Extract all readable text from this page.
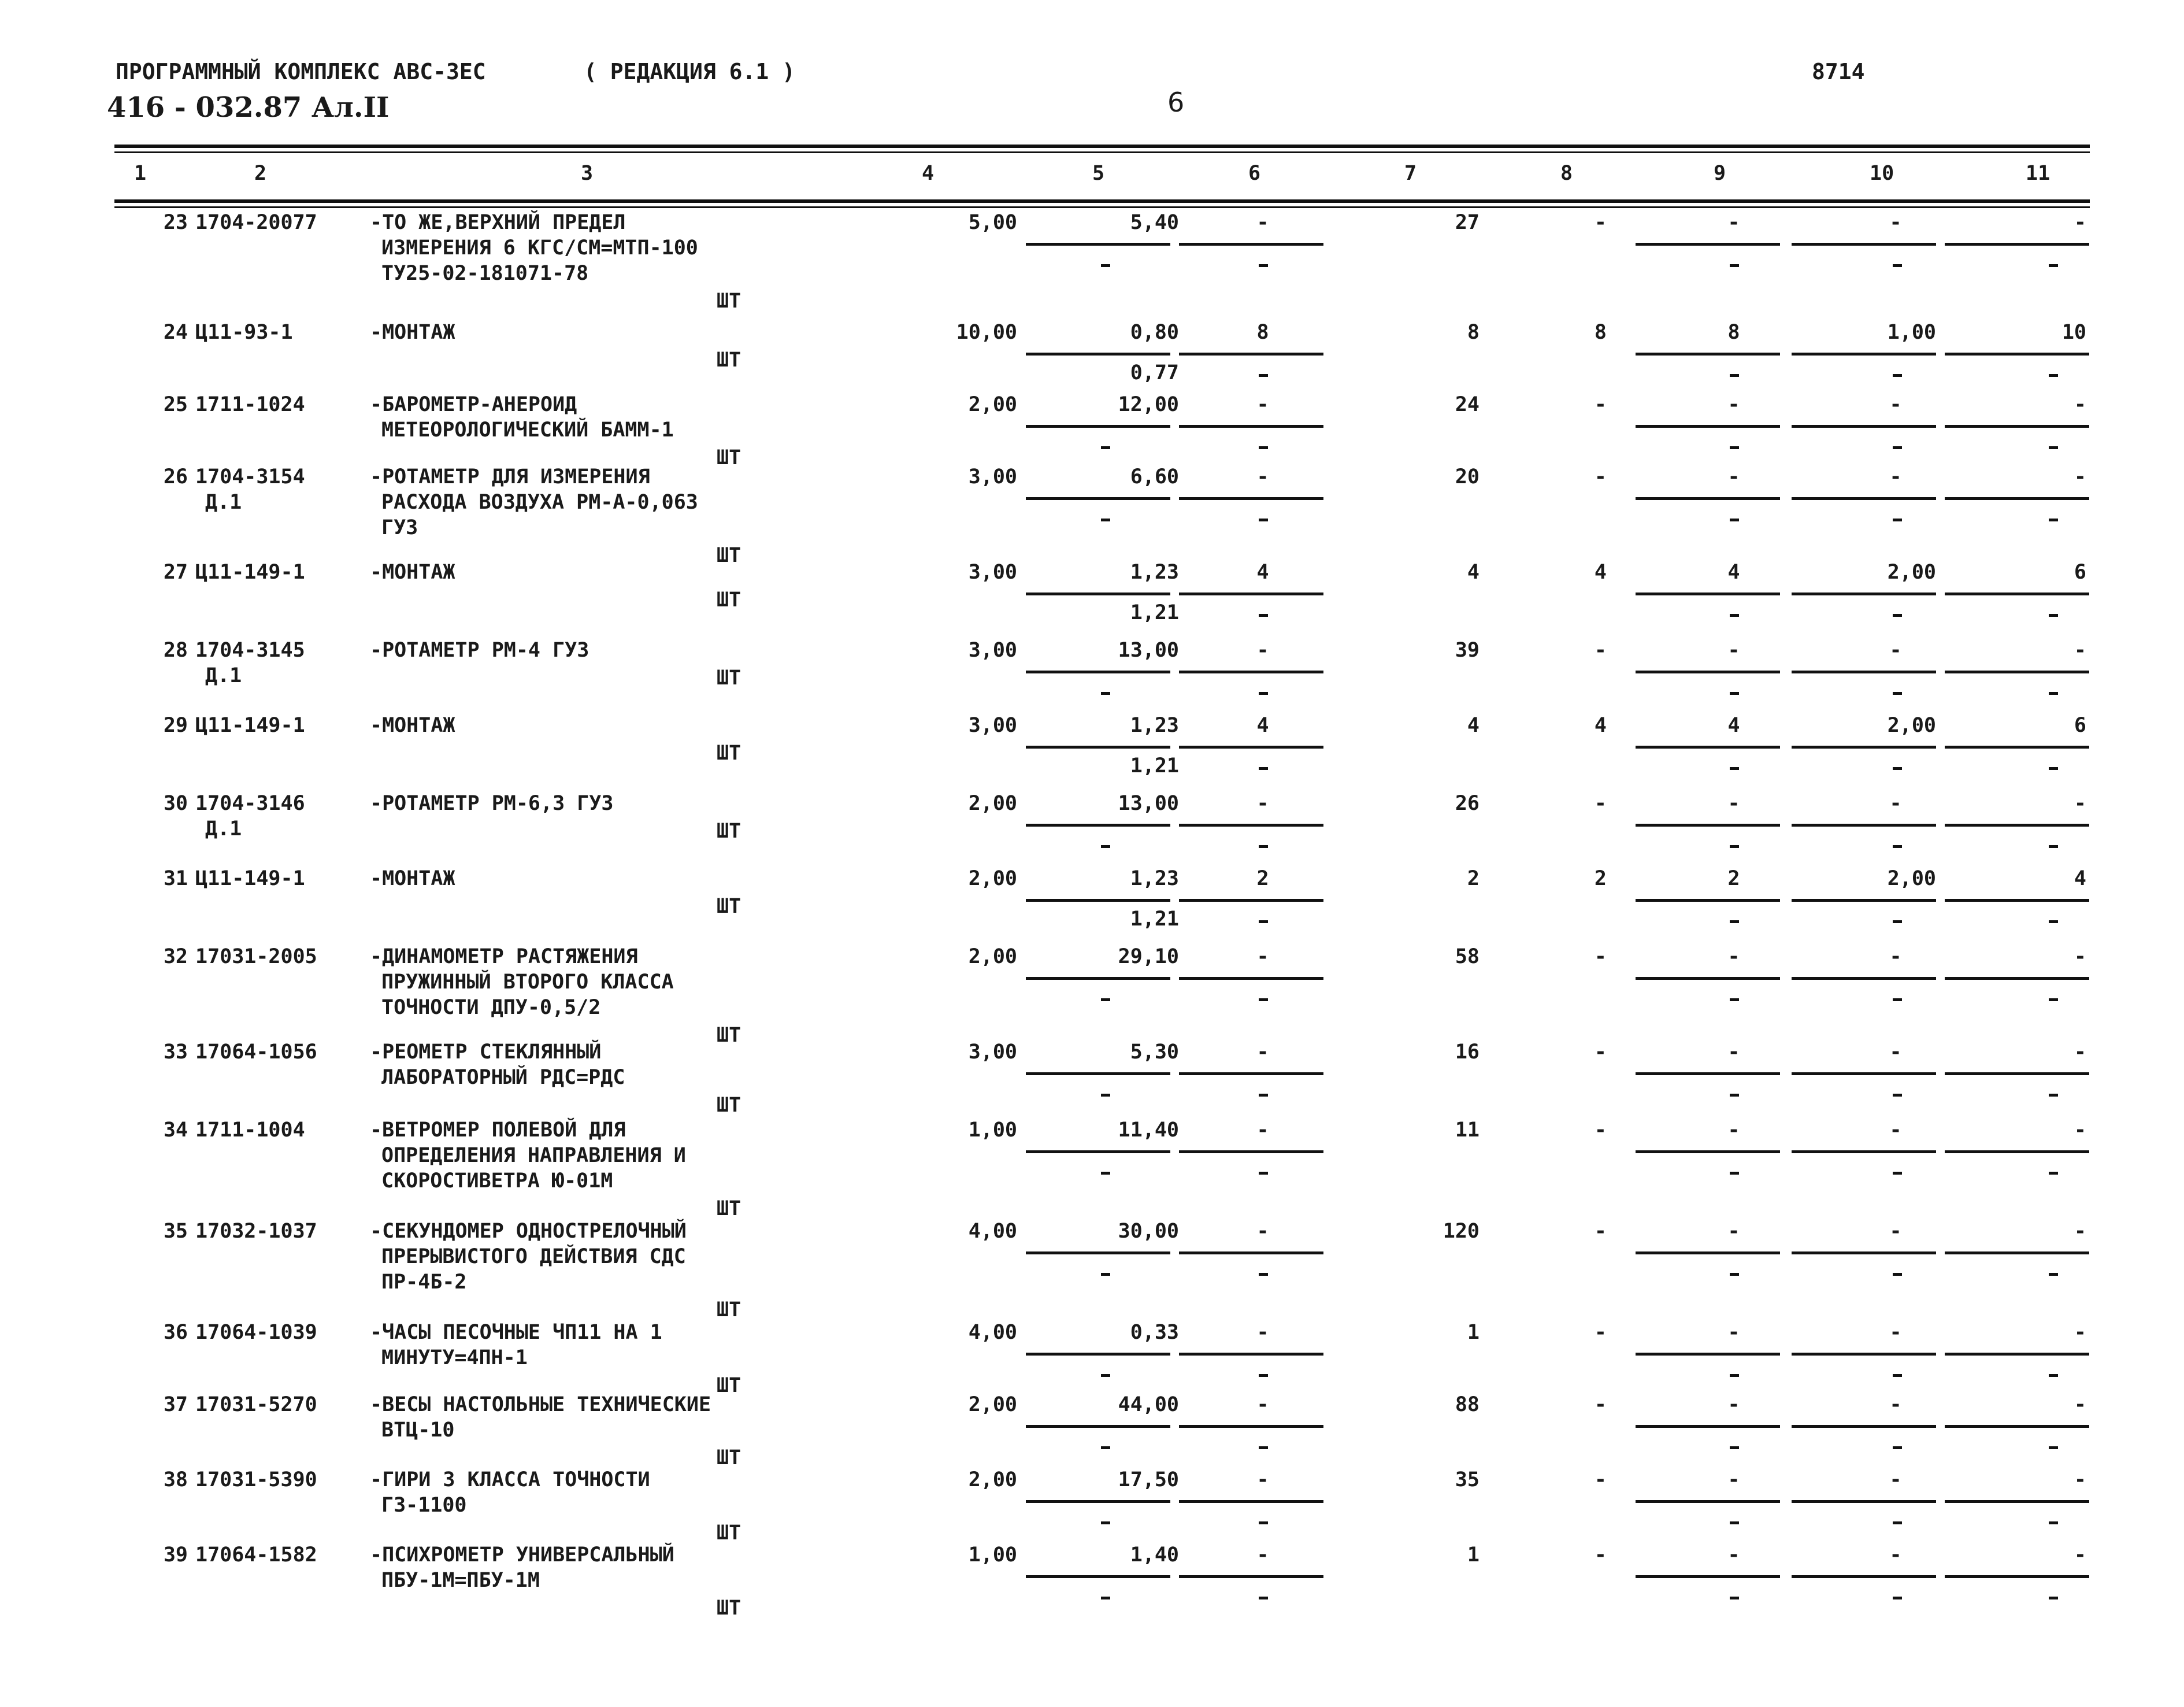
ПРОГРАММНЫЙ КОМПЛЕКС АВС-ЗЕС	( РЕДАКЦИЯ 6.1 )
416 - 032.87 Ал.II	6
8714
1	2	3	4	5	6	7	8	9	10	11
23 1704-20077	-ТО ЖЕ,ВЕРХНИЙ ПРЕДЕЛ
ИЗМЕРЕНИЯ 6 КГС/СМ=МТП-100
ТУ25-02-181071-78
ШТ
5,00	5,40	-	27	-	-	-	-
24 Ц11-93-1	-МОНТАЖ
ШТ
10,00	0,80	8	8	8	8	1,00	10
0,77
25 1711-1024	-БАРОМЕТР-АНЕРОИД
МЕТЕОРОЛОГИЧЕСКИЙ БАММ-1
ШТ
2,00	12,00	-	24	-	-	-	-
26 1704-3154
Д.1
-РОТАМЕТР ДЛЯ ИЗМЕРЕНИЯ
РАСХОДА ВОЗДУХА РМ-А-0,063
ГУЗ
ШТ
3,00	6,60	-	20	-	-	-	-
27 Ц11-149-1	-МОНТАЖ
ШТ
3,00	1,23	4	4	4	4	2,00	6
1,21
28 1704-3145
Д.1
-РОТАМЕТР РМ-4 ГУЗ
ШТ
3,00	13,00	-	39	-	-	-	-
29 Ц11-149-1	-МОНТАЖ
ШТ
3,00	1,23	4	4	4	4	2,00	6
1,21
30 1704-3146
Д.1
-РОТАМЕТР РМ-6,3 ГУЗ
ШТ
2,00	13,00	-	26	-	-	-	-
31 Ц11-149-1	-МОНТАЖ
ШТ
2,00	1,23	2	2	2	2	2,00	4
1,21
32 17031-2005	-ДИНАМОМЕТР РАСТЯЖЕНИЯ
ПРУЖИННЫЙ ВТОРОГО КЛАССА
ТОЧНОСТИ ДПУ-0,5/2
ШТ
2,00	29,10	-	58	-	-	-	-
33 17064-1056	-РЕОМЕТР СТЕКЛЯННЫЙ
ЛАБОРАТОРНЫЙ РДС=РДС
ШТ
3,00	5,30	-	16	-	-	-	-
34 1711-1004	-ВЕТРОМЕР ПОЛЕВОЙ ДЛЯ
ОПРЕДЕЛЕНИЯ НАПРАВЛЕНИЯ И
СКОРОСТИВЕТРА Ю-01М
ШТ
1,00	11,40	-	11	-	-	-	-
35 17032-1037	-СЕКУНДОМЕР ОДНОСТРЕЛОЧНЫЙ
ПРЕРЫВИСТОГО ДЕЙСТВИЯ СДС
ПР-4Б-2
ШТ
4,00	30,00	-	120	-	-	-	-
36 17064-1039	-ЧАСЫ ПЕСОЧНЫЕ ЧП11 НА 1
МИНУТУ=4ПН-1
ШТ
4,00	0,33	-	1	-	-	-	-
37 17031-5270	-ВЕСЫ НАСТОЛЬНЫЕ ТЕХНИЧЕСКИЕ
ВТЦ-10
ШТ
2,00	44,00	-	88	-	-	-	-
38 17031-5390	-ГИРИ 3 КЛАССА ТОЧНОСТИ
Г3-1100
ШТ
2,00	17,50	-	35	-	-	-	-
39 17064-1582	-ПСИХРОМЕТР УНИВЕРСАЛЬНЫЙ
ПБУ-1М=ПБУ-1М
ШТ
1,00	1,40	-	1	-	-	-	-
